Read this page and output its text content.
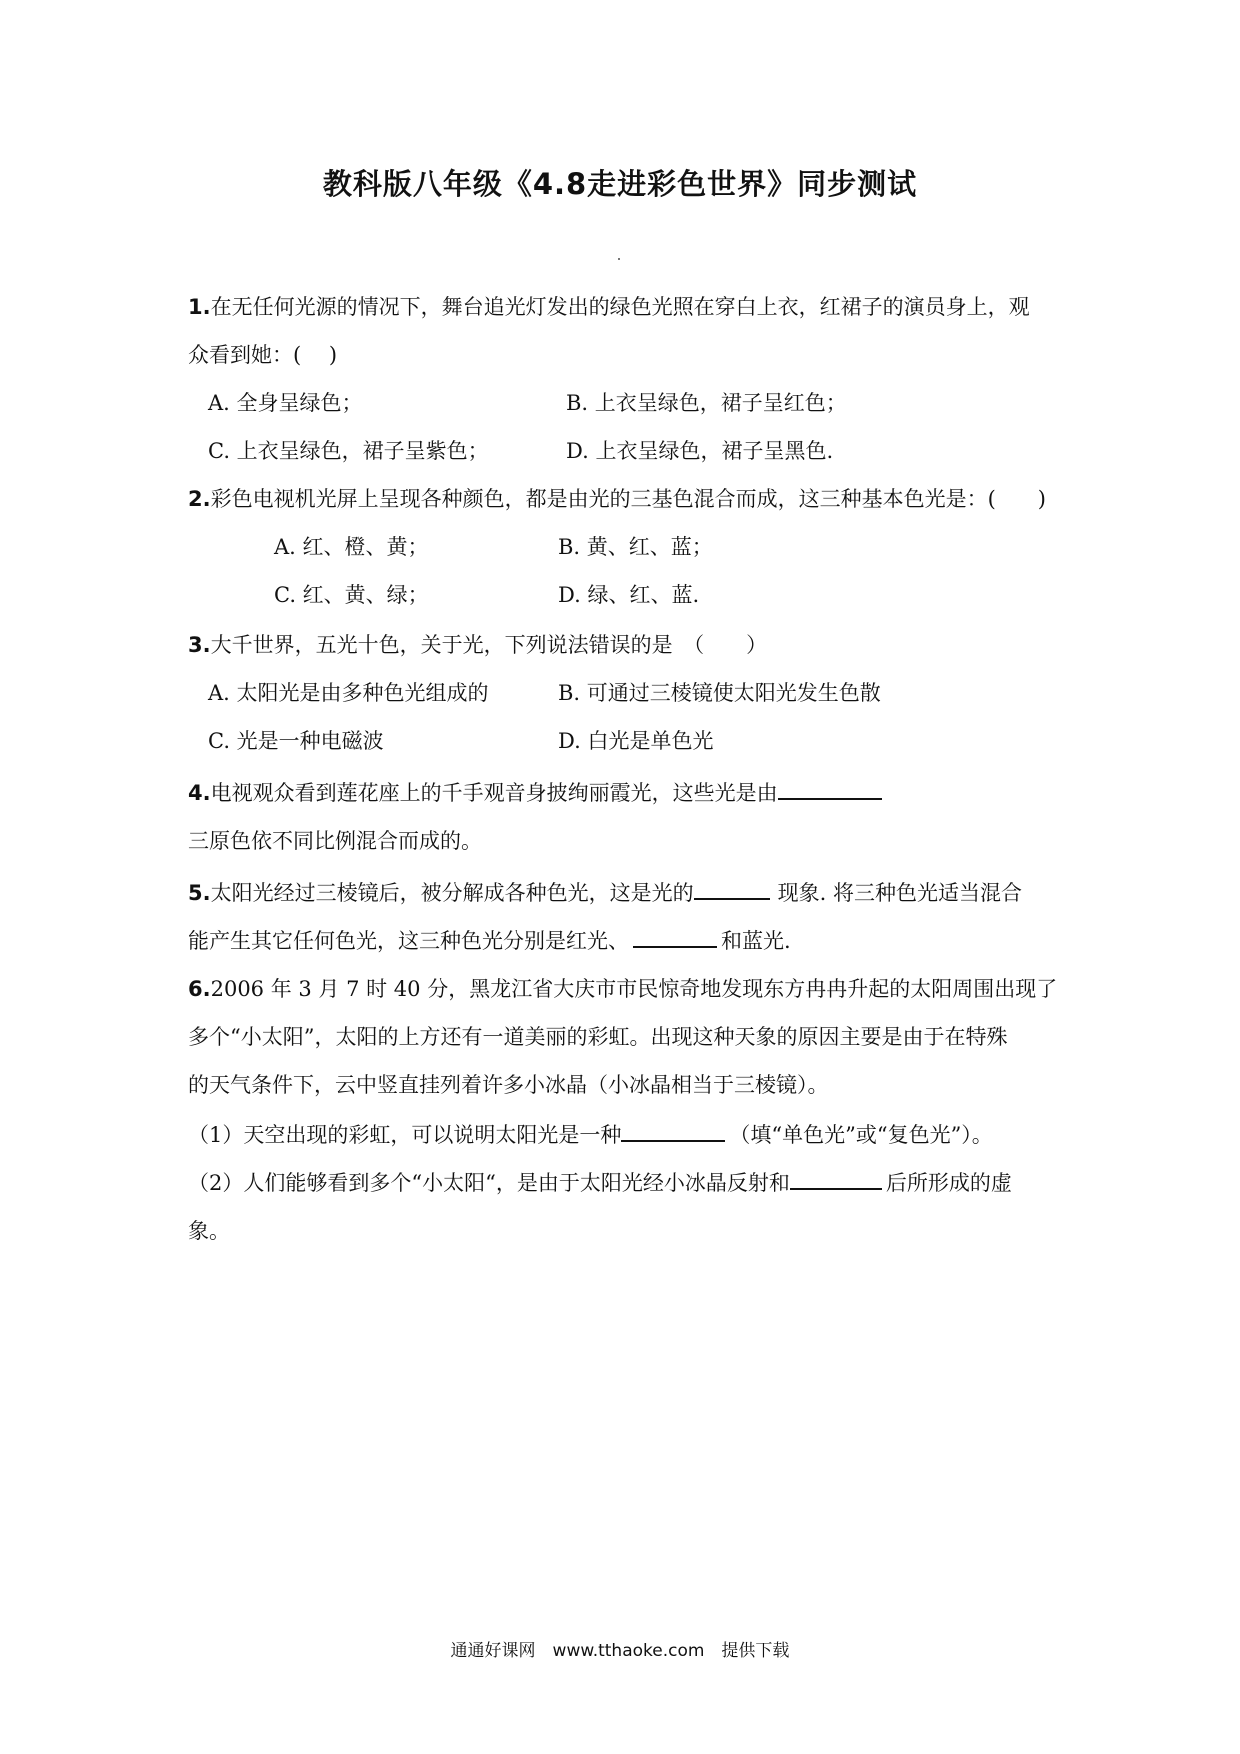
教科版八年级《4.8走进彩色世界》同步测试
1.在无任何光源的情况下，舞台追光灯发出的绿色光照在穿白上衣，红裙子的演员身上，观
众看到她：(　 )
A. 全身呈绿色；	B. 上衣呈绿色，裙子呈红色；
C. 上衣呈绿色，裙子呈紫色；	D. 上衣呈绿色，裙子呈黑色.
2.彩色电视机光屏上呈现各种颜色，都是由光的三基色混合而成，这三种基本色光是：(　　)
A. 红、橙、黄；	B. 黄、红、蓝；
C. 红、黄、绿；	D. 绿、红、蓝.
3.大千世界，五光十色，关于光，下列说法错误的是　（　　）
A. 太阳光是由多种色光组成的	B. 可通过三棱镜使太阳光发生色散
C. 光是一种电磁波	D. 白光是单色光
4.电视观众看到莲花座上的千手观音身披绚丽霞光，这些光是由
三原色依不同比例混合而成的。
5.太阳光经过三棱镜后，被分解成各种色光，这是光的	现象. 将三种色光适当混合
能产生其它任何色光，这三种色光分别是红光、	和蓝光.
6.2006 年 3 月 7 时 40 分，黑龙江省大庆市市民惊奇地发现东方冉冉升起的太阳周围出现了
多个“小太阳”，太阳的上方还有一道美丽的彩虹。出现这种天象的原因主要是由于在特殊
的天气条件下，云中竖直挂列着许多小冰晶（小冰晶相当于三棱镜）。
（1）天空出现的彩虹，可以说明太阳光是一种	（填“单色光”或“复色光”）。
（2）人们能够看到多个“小太阳“，是由于太阳光经小冰晶反射和	后所形成的虚
象。
通通好课网　www.tthaoke.com　提供下载
